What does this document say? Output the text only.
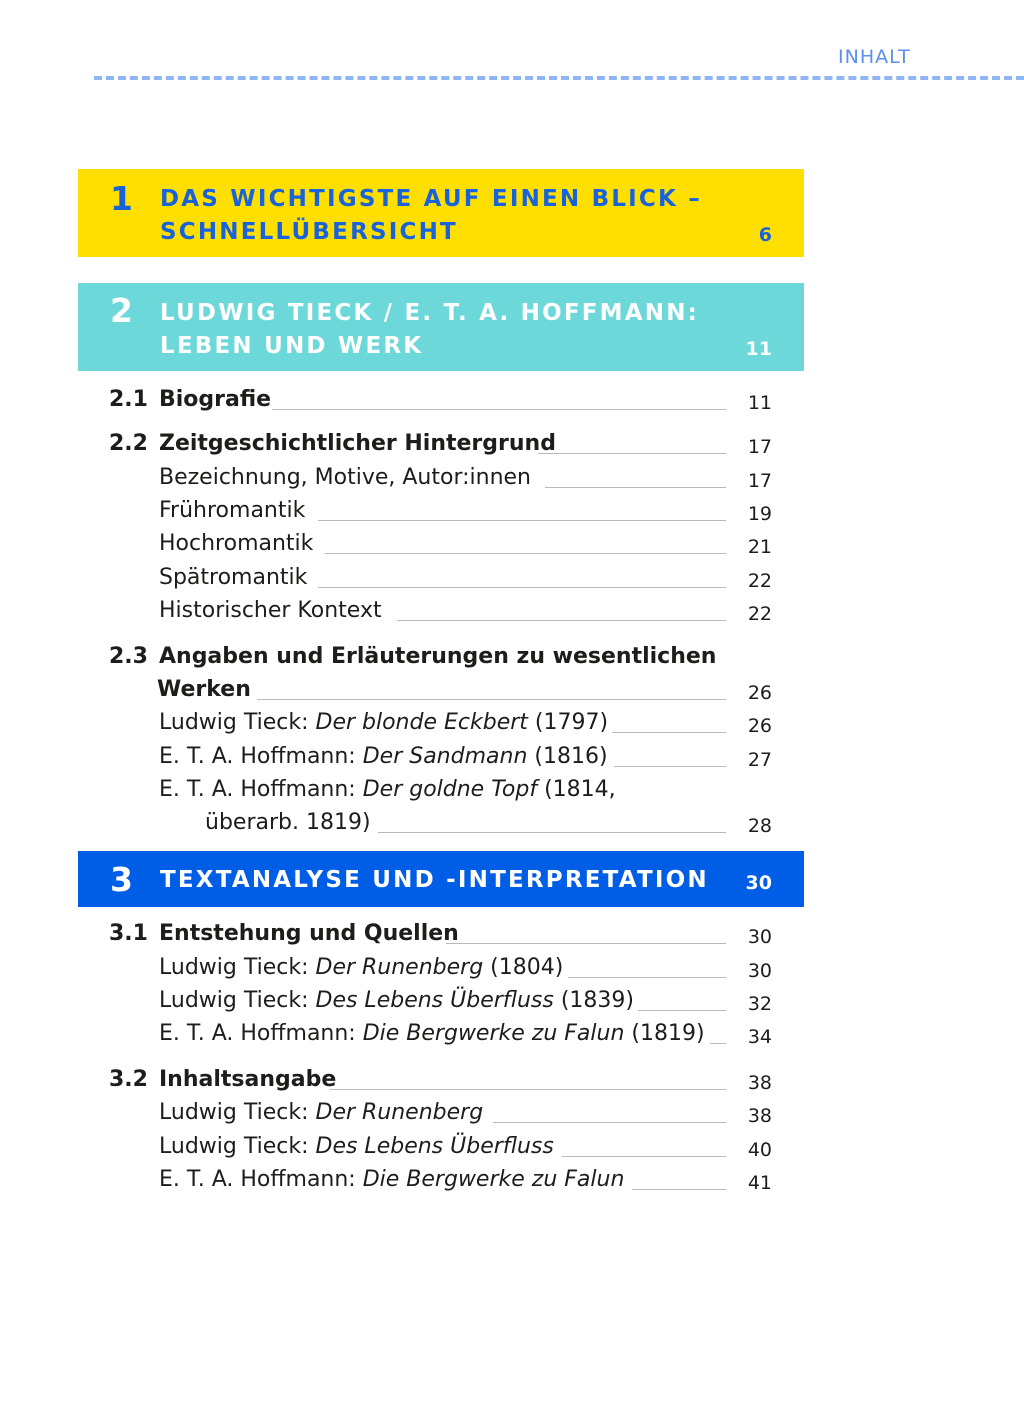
INHALT
1 DAS WICHTIGSTE AUF EINEN BLICK –
SCHNELLÜBERSICHT	6
2 LUDWIG TIECK / E. T. A. HOFFMANN:
LEBEN UND WERK	11
2.1 Biografie	11
2.2 Zeitgeschichtlicher Hintergrund	17
Bezeichnung, Motive, Autor:innen	17
Frühromantik	19
Hochromantik	21
Spätromantik	22
Historischer Kontext	22
2.3 Angaben und Erläuterungen zu wesentlichen
Werken	26
Ludwig Tieck: Der blonde Eckbert (1797)	26
E. T. A. Hoffmann: Der Sandmann (1816)	27
E. T. A. Hoffmann: Der goldne Topf (1814,
überarb. 1819)	28
3 TEXTANALYSE UND -INTERPRETATION 30
3.1 Entstehung und Quellen	30
Ludwig Tieck: Der Runenberg (1804)	30
Ludwig Tieck: Des Lebens Überfluss (1839)	32
E. T. A. Hoffmann: Die Bergwerke zu Falun (1819)	34
3.2 Inhaltsangabe	38
Ludwig Tieck: Der Runenberg	38
Ludwig Tieck: Des Lebens Überfluss	40
E. T. A. Hoffmann: Die Bergwerke zu Falun	41
